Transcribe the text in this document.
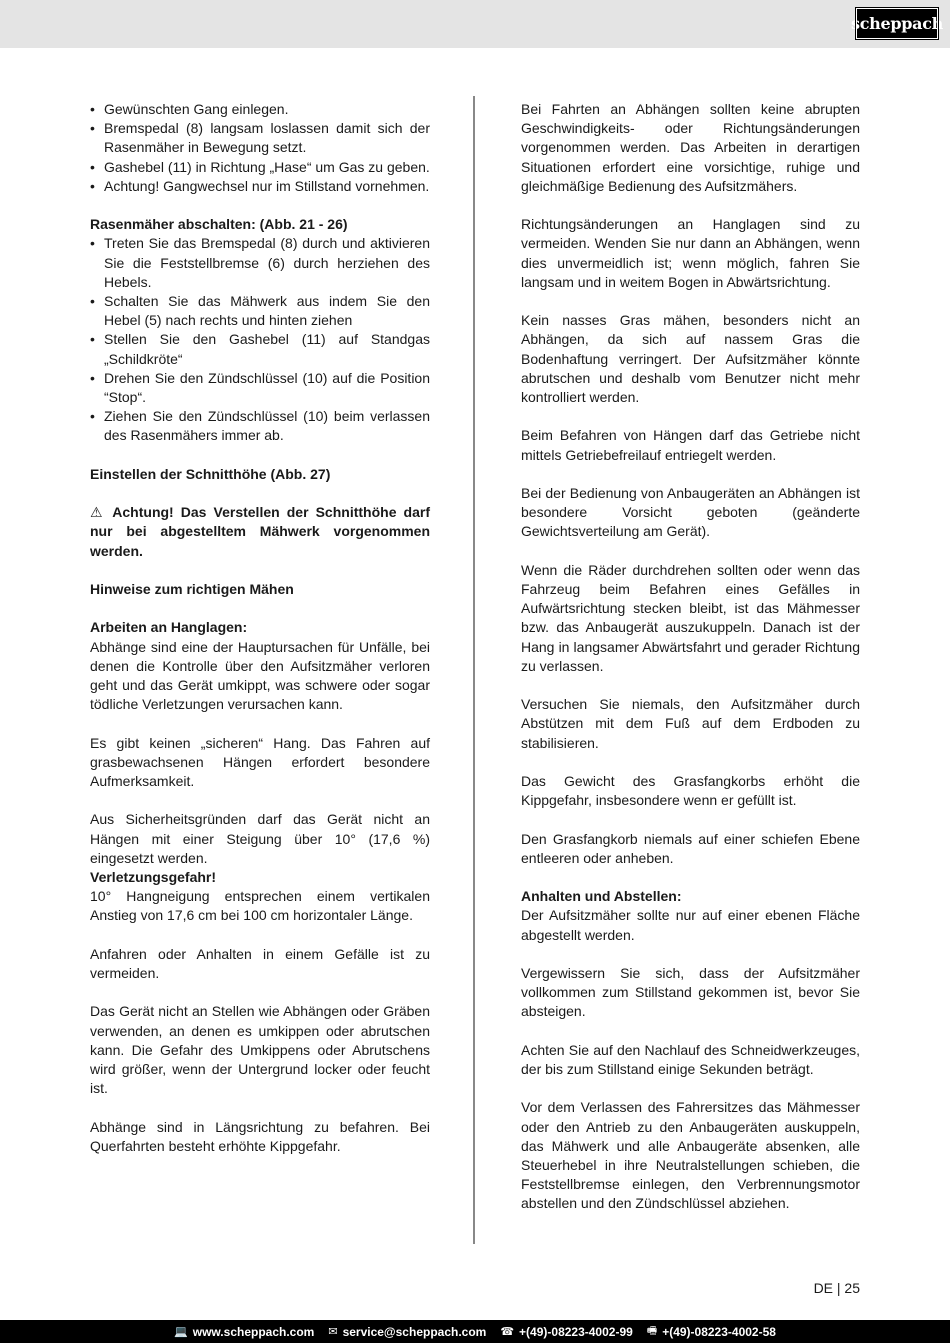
scheppach
• Gewünschten Gang einlegen.
• Bremspedal (8) langsam loslassen damit sich der Rasenmäher in Bewegung setzt.
• Gashebel (11) in Richtung „Hase“ um Gas zu geben.
• Achtung! Gangwechsel nur im Stillstand vornehmen.

Rasenmäher abschalten: (Abb. 21 - 26)

• Treten Sie das Bremspedal (8) durch und aktivieren Sie die Feststellbremse (6) durch herziehen des Hebels.
• Schalten Sie das Mähwerk aus indem Sie den Hebel (5) nach rechts und hinten ziehen
• Stellen Sie den Gashebel (11) auf Standgas „Schildkröte“
• Drehen Sie den Zündschlüssel (10) auf die Position “Stop“.
• Ziehen Sie den Zündschlüssel (10) beim verlassen des Rasenmähers immer ab.

Einstellen der Schnitthöhe (Abb. 27)

⚠ Achtung! Das Verstellen der Schnitthöhe darf nur bei abgestelltem Mähwerk vorgenommen werden.

Hinweise zum richtigen Mähen

Arbeiten an Hanglagen:

Abhänge sind eine der Hauptursachen für Unfälle, bei denen die Kontrolle über den Aufsitzmäher verloren geht und das Gerät umkippt, was schwere oder sogar tödliche Verletzungen verursachen kann.

Es gibt keinen „sicheren“ Hang. Das Fahren auf grasbewachsenen Hängen erfordert besondere Aufmerksamkeit.

Aus Sicherheitsgründen darf das Gerät nicht an Hängen mit einer Steigung über 10° (17,6 %) eingesetzt werden.

Verletzungsgefahr!

10° Hangneigung entsprechen einem vertikalen Anstieg von 17,6 cm bei 100 cm horizontaler Länge.

Anfahren oder Anhalten in einem Gefälle ist zu vermeiden.

Das Gerät nicht an Stellen wie Abhängen oder Gräben verwenden, an denen es umkippen oder abrutschen kann. Die Gefahr des Umkippens oder Abrutschens wird größer, wenn der Untergrund locker oder feucht ist.

Abhänge sind in Längsrichtung zu befahren. Bei Querfahrten besteht erhöhte Kippgefahr.

Bei Fahrten an Abhängen sollten keine abrupten Geschwindigkeits- oder Richtungsänderungen vorgenommen werden. Das Arbeiten in derartigen Situationen erfordert eine vorsichtige, ruhige und gleichmäßige Bedienung des Aufsitzmähers.

Richtungsänderungen an Hanglagen sind zu vermeiden. Wenden Sie nur dann an Abhängen, wenn dies unvermeidlich ist; wenn möglich, fahren Sie langsam und in weitem Bogen in Abwärtsrichtung.

Kein nasses Gras mähen, besonders nicht an Abhängen, da sich auf nassem Gras die Bodenhaftung verringert. Der Aufsitzmäher könnte abrutschen und deshalb vom Benutzer nicht mehr kontrolliert werden.

Beim Befahren von Hängen darf das Getriebe nicht mittels Getriebefreilauf entriegelt werden.

Bei der Bedienung von Anbaugeräten an Abhängen ist besondere Vorsicht geboten (geänderte Gewichtsverteilung am Gerät).

Wenn die Räder durchdrehen sollten oder wenn das Fahrzeug beim Befahren eines Gefälles in Aufwärtsrichtung stecken bleibt, ist das Mähmesser bzw. das Anbaugerät auszukuppeln. Danach ist der Hang in langsamer Abwärtsfahrt und gerader Richtung zu verlassen.

Versuchen Sie niemals, den Aufsitzmäher durch Abstützen mit dem Fuß auf dem Erdboden zu stabilisieren.

Das Gewicht des Grasfangkorbs erhöht die Kippgefahr, insbesondere wenn er gefüllt ist.

Den Grasfangkorb niemals auf einer schiefen Ebene entleeren oder anheben.

Anhalten und Abstellen:

Der Aufsitzmäher sollte nur auf einer ebenen Fläche abgestellt werden.

Vergewissern Sie sich, dass der Aufsitzmäher vollkommen zum Stillstand gekommen ist, bevor Sie absteigen.

Achten Sie auf den Nachlauf des Schneidwerkzeuges, der bis zum Stillstand einige Sekunden beträgt.

Vor dem Verlassen des Fahrersitzes das Mähmesser oder den Antrieb zu den Anbaugeräten auskuppeln, das Mähwerk und alle Anbaugeräte absenken, alle Steuerhebel in ihre Neutralstellungen schieben, die Feststellbremse einlegen, den Verbrennungsmotor abstellen und den Zündschlüssel abziehen.

DE | 25
💻 www.scheppach.com ✉ service@scheppach.com ☎ +(49)-08223-4002-99 🖷 +(49)-08223-4002-58
